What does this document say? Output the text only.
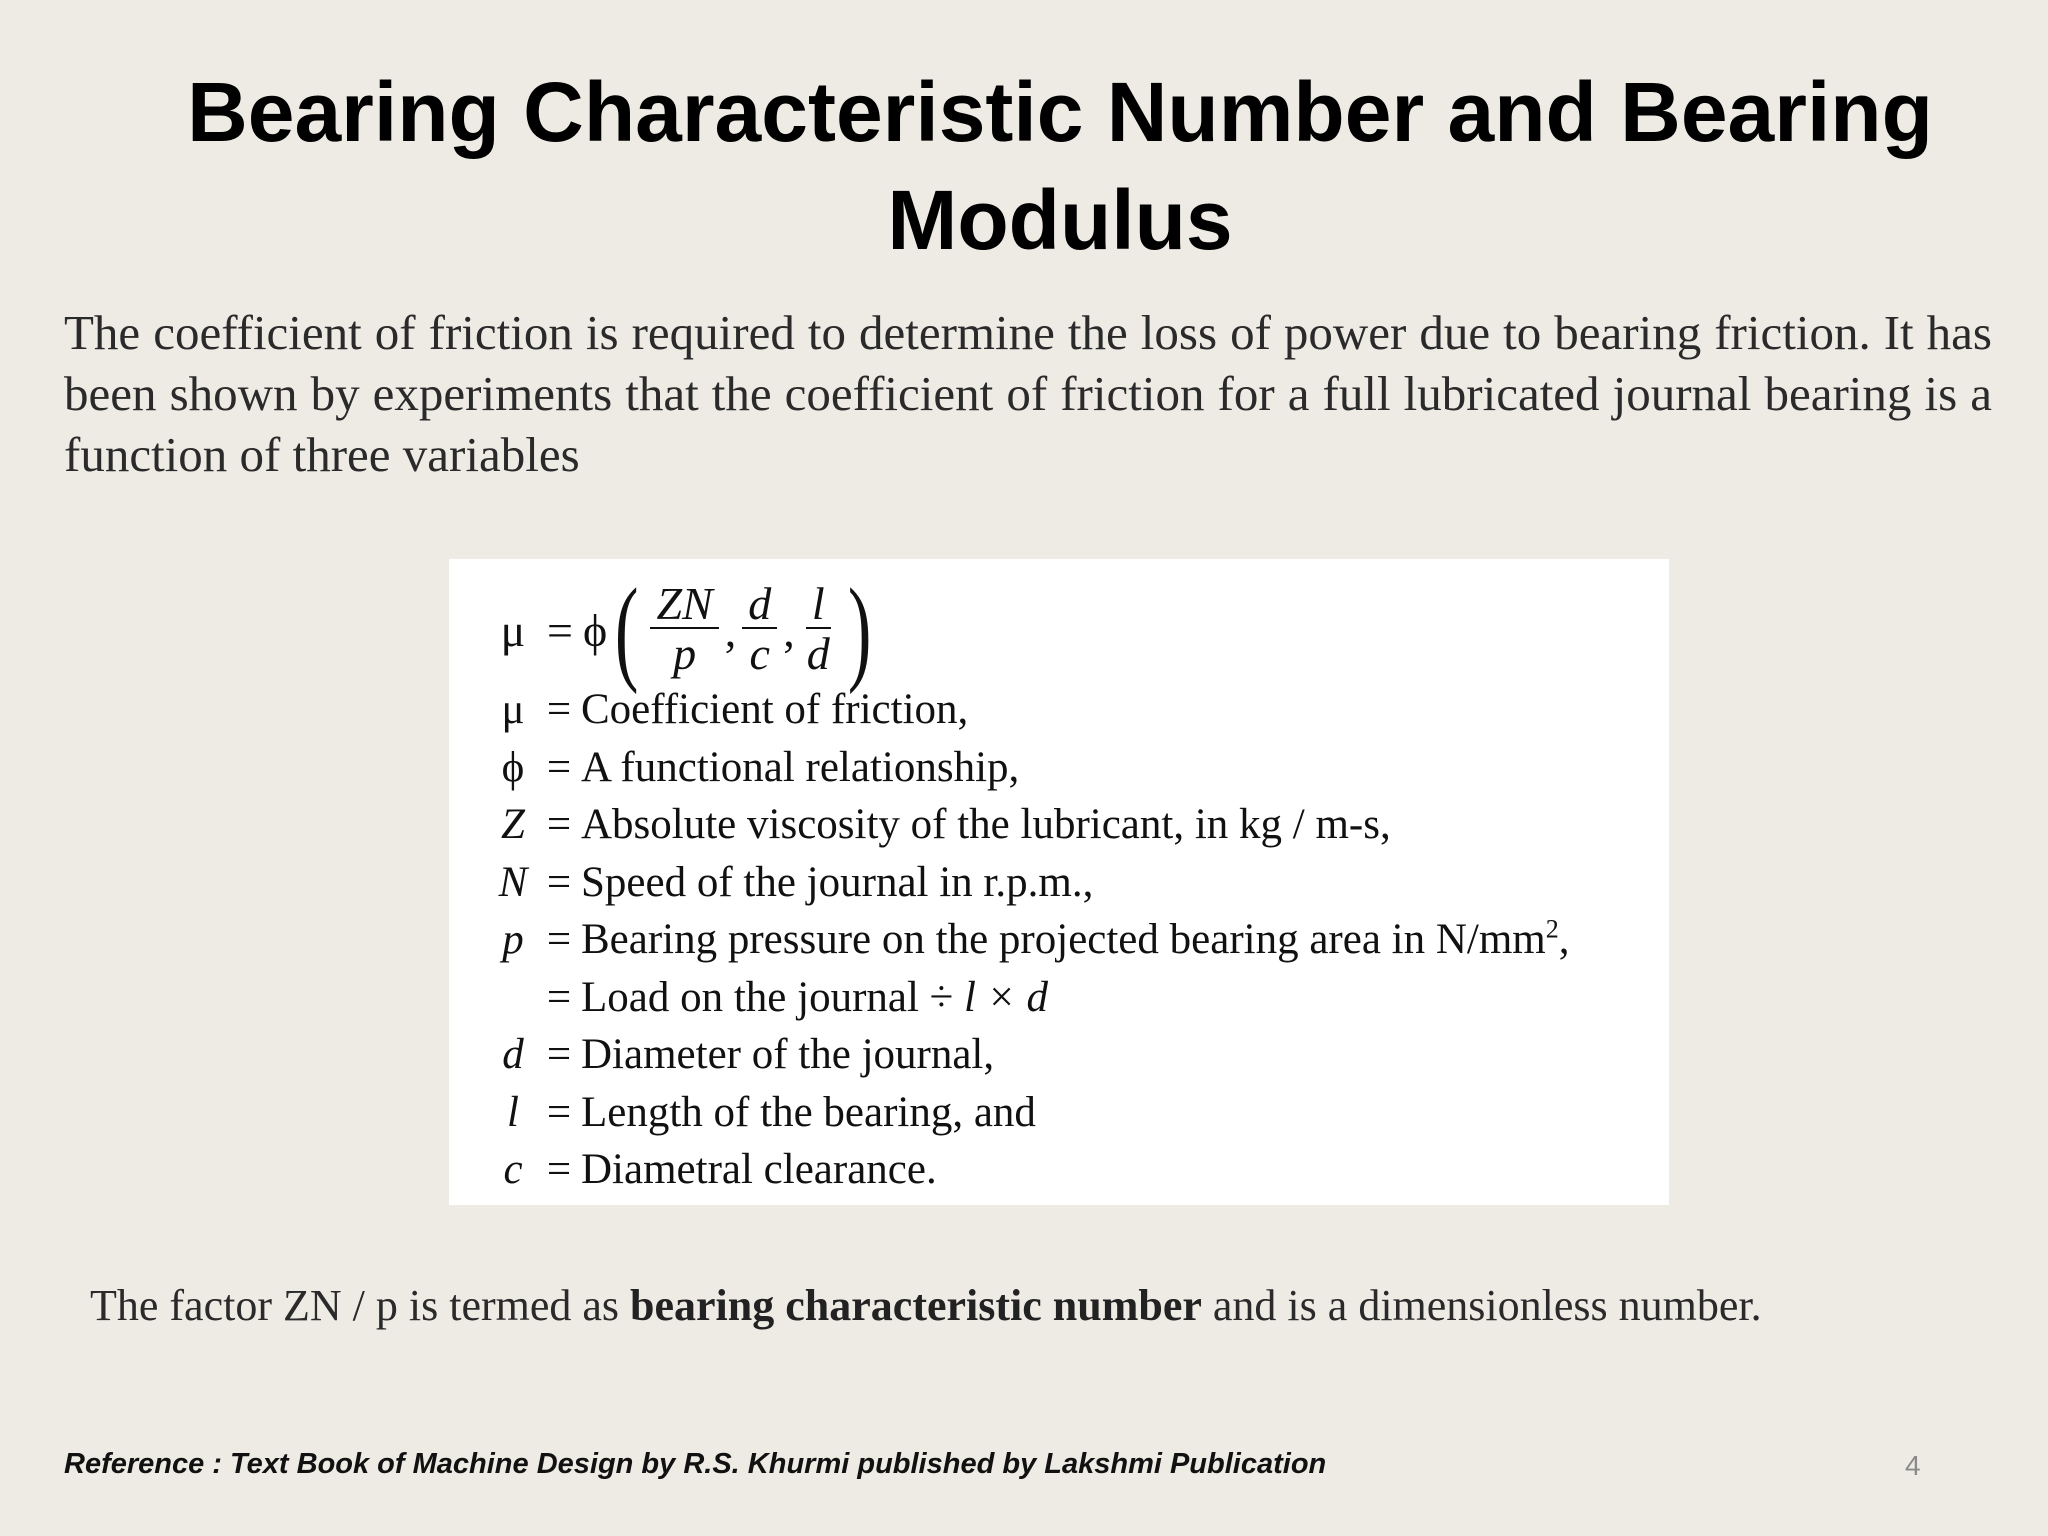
Bearing Characteristic Number and Bearing Modulus
The coefficient of friction is required to determine the loss of power due to bearing friction. It has been shown by experiments that the coefficient of friction for a full lubricated journal bearing is a function of three variables
μ = ϕ ( $\frac{ZN}{p}$ , $\frac{d}{c}$ , $\frac{l}{d}$ )
μ = Coefficient of friction,
ϕ = A functional relationship,
Z = Absolute viscosity of the lubricant, in kg / m-s,
N = Speed of the journal in r.p.m.,
p = Bearing pressure on the projected bearing area in $N/mm^2$,
= Load on the journal ÷ l × d
d = Diameter of the journal,
l = Length of the bearing, and
c = Diametral clearance.
The factor ZN / p is termed as bearing characteristic number and is a dimensionless number.
Reference : Text Book of Machine Design by R.S. Khurmi published by Lakshmi Publication	4
